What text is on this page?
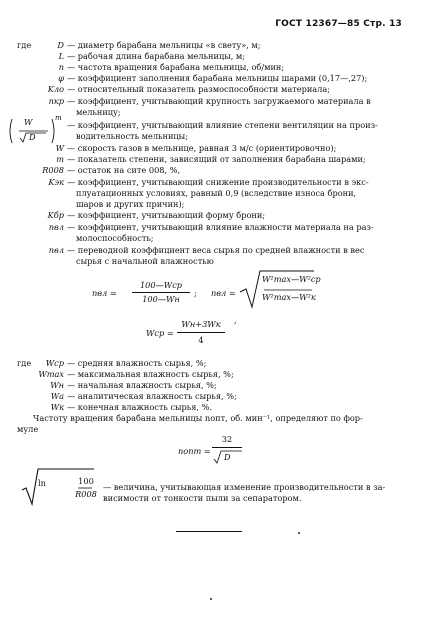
ГОСТ 12367—85 Стр. 13
где	D — диаметр барабана мельницы «в свету», м;
L — рабочая длина барабана мельницы, м;
n — частота вращения барабана мельницы, об/мин;
φ — коэффициент заполнения барабана мельницы шарами (0,17—,27);
Kло — относительный показатель размоспособности материала;
nкр — коэффициент, учитывающий крупность загружаемого материала в
мельницу;
W
D
m
— коэффициент, учитывающий влияние степени вентиляции на произ-
водительность мельницы;
W — скорость газов в мельнице, равная 3 м/с (ориентировочно);
m — показатель степени, зависящий от заполнения барабана шарами;
R008 — остаток на сите 008, %,
Kэк — коэффициент, учитывающий снижение производительности в экс-
плуатационных условиях, равный 0,9 (вследствие износа брони,
шаров и других причин);
Kбр — коэффициент, учитывающий форму брони;
nвл — коэффициент, учитывающий влияние влажности материала на раз-
молоспособность;
nвл — переводной коэффициент веса сырья по средней влажности в вес
сырья с начальной влажностью
nвл =
100—Wср
100—Wн
; nвл =
W²max—W²ср
W²max—W²к
Wср =
Wн+3Wк
4
,
где	Wср — средняя влажность сырья, %;
Wmax — максимальная влажность сырья, %;
Wн — начальная влажность сырья, %;
Wа — аналитическая влажность сырья, %;
Wк — конечная влажность сырья, %.
Частоту вращения барабана мельницы nопт, об. мин⁻¹, определяют по фор-
муле
nопт =
32
D
ln	100
R008
— величина, учитывающая изменение производительности в за-
висимости от тонкости пыли за сепаратором.
